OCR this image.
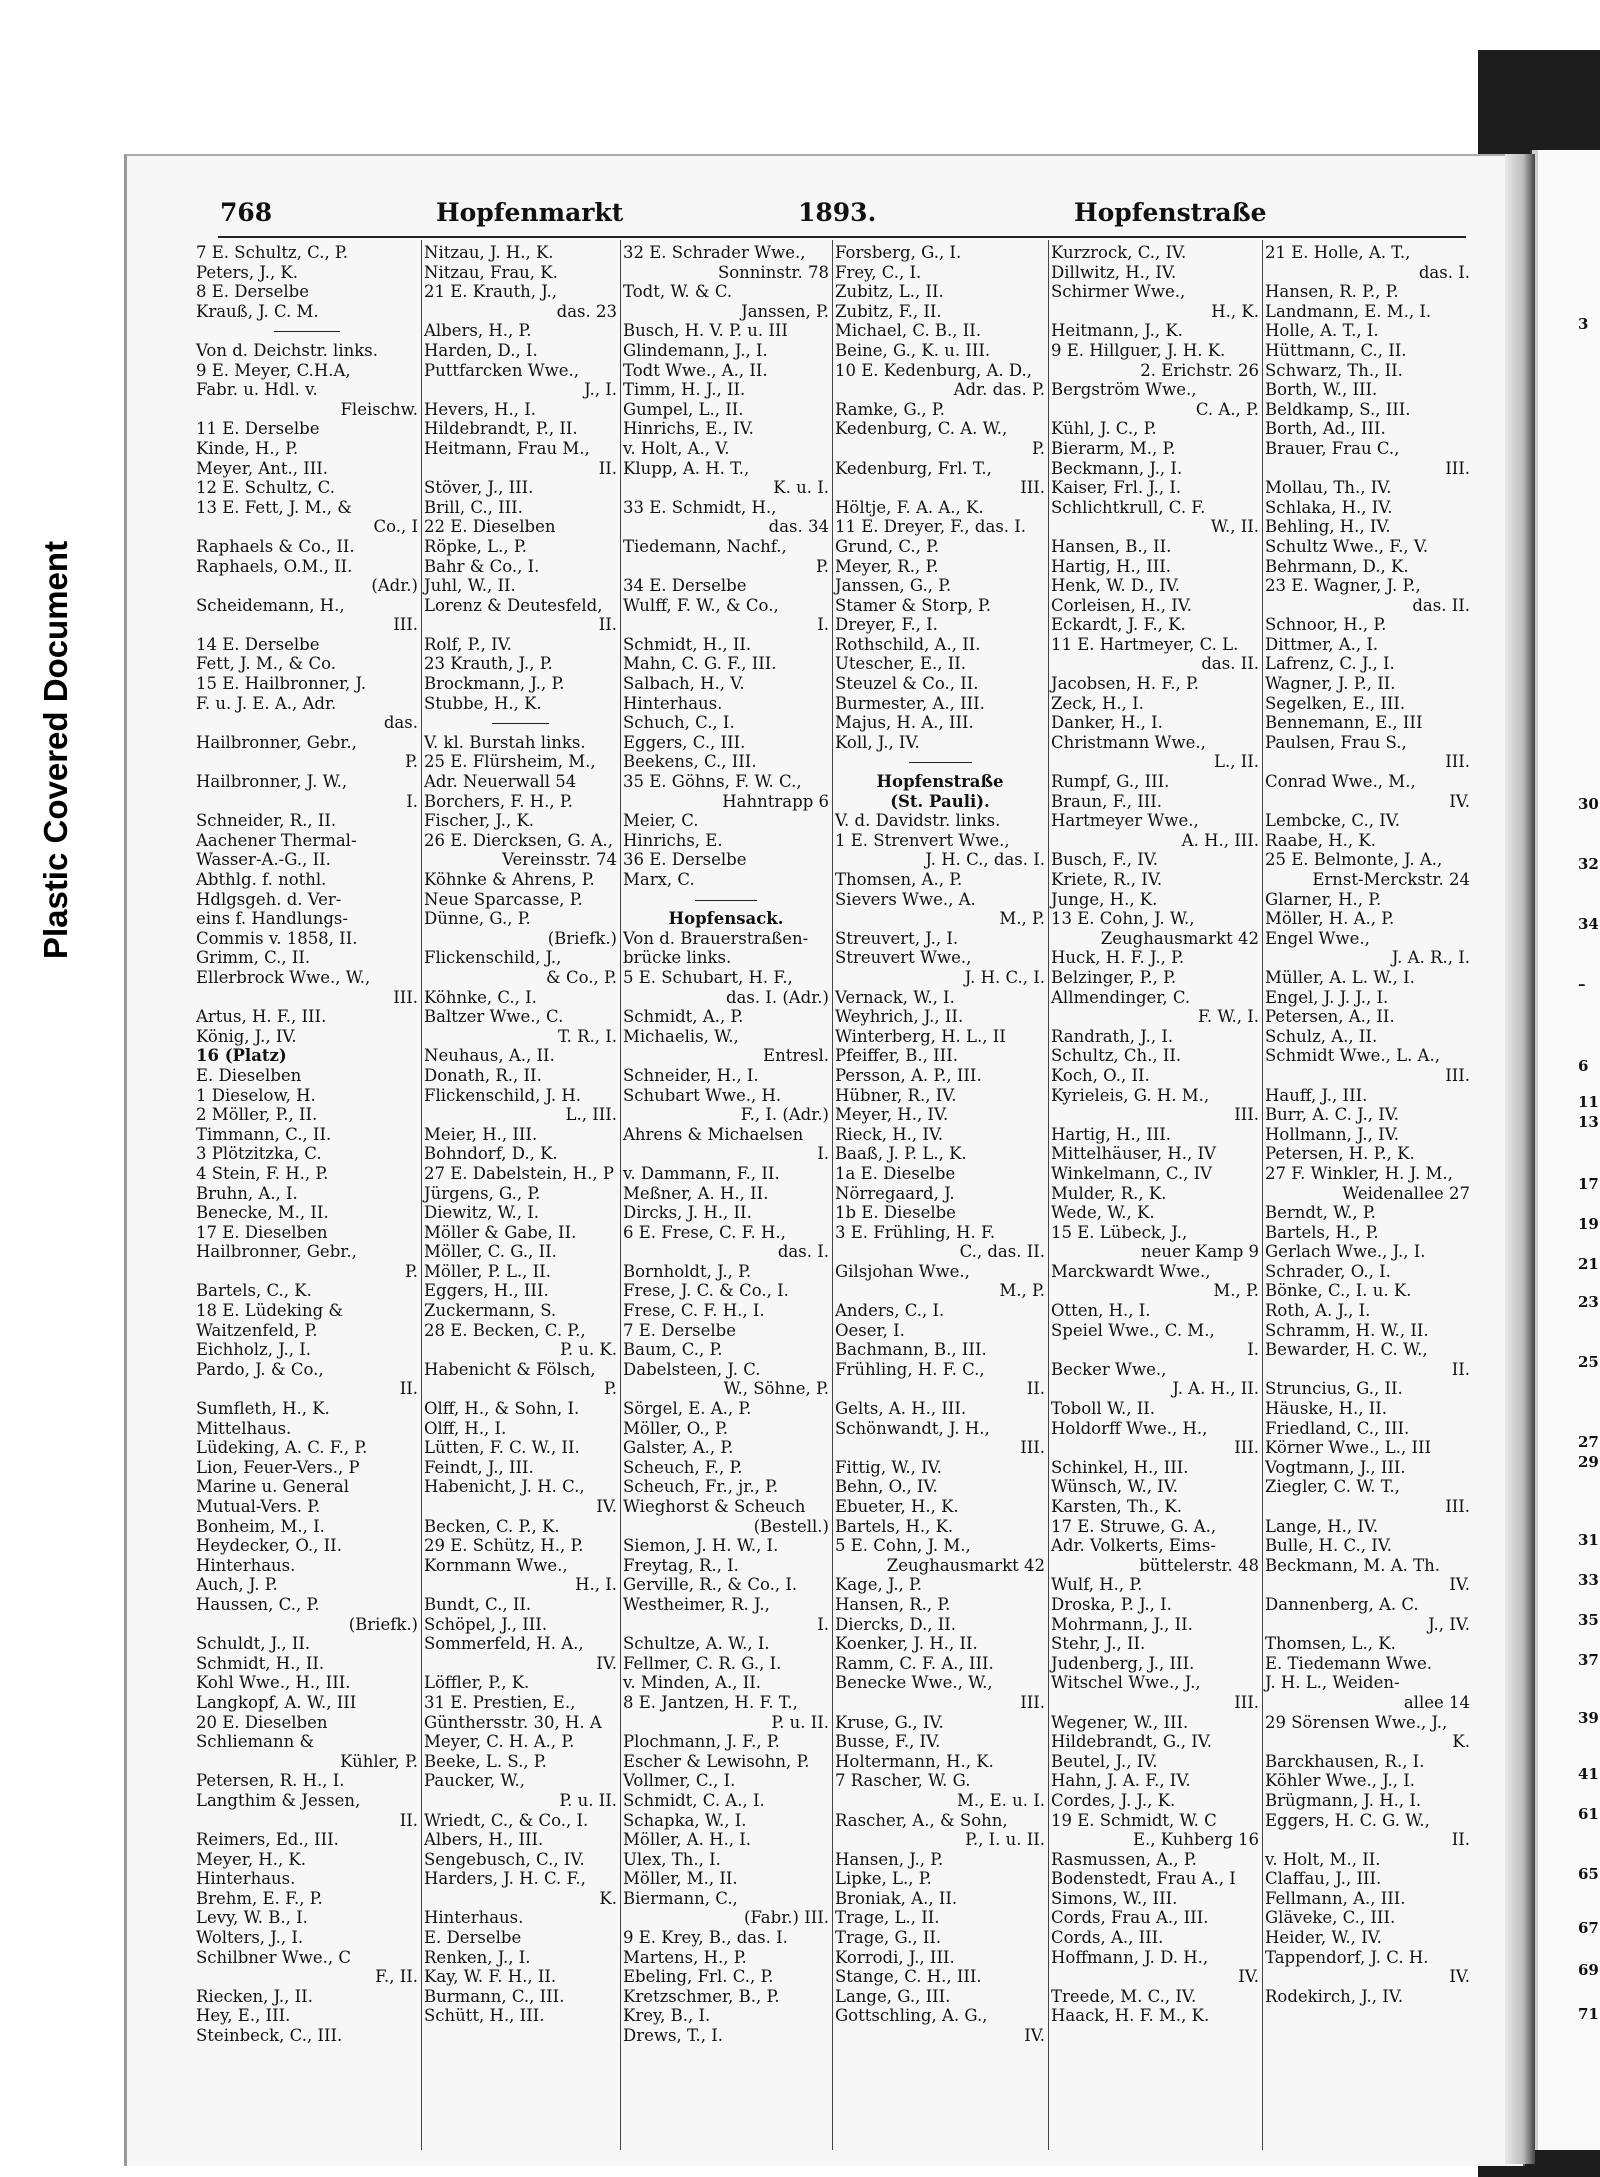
3
30
32
34
–
6
11
13
17
19
21
23
25
27
29
31
33
35
37
39
41
61
65
67
69
71
Plastic Covered Document
768	Hopfenmarkt	1893.	Hopfenstraße
7 E. Schultz, C., P.
Peters, J., K.
8 E. Derselbe
Krauß, J. C. M.
Von d. Deichstr. links.
9 E. Meyer, C.H.A,
Fabr. u. Hdl. v.
Fleischw.
11 E. Derselbe
Kinde, H., P.
Meyer, Ant., III.
12 E. Schultz, C.
13 E. Fett, J. M., &
Co., I
Raphaels & Co., II.
Raphaels, O.M., II.
(Adr.)
Scheidemann, H.,
III.
14 E. Derselbe
Fett, J. M., & Co.
15 E. Hailbronner, J.
F. u. J. E. A., Adr.
das.
Hailbronner, Gebr.,
P.
Hailbronner, J. W.,
I.
Schneider, R., II.
Aachener Thermal-
Wasser-A.-G., II.
Abthlg. f. nothl.
Hdlgsgeh. d. Ver-
eins f. Handlungs-
Commis v. 1858, II.
Grimm, C., II.
Ellerbrock Wwe., W.,
III.
Artus, H. F., III.
König, J., IV.
16 (Platz)
E. Dieselben
1 Dieselow, H.
2 Möller, P., II.
Timmann, C., II.
3 Plötzitzka, C.
4 Stein, F. H., P.
Bruhn, A., I.
Benecke, M., II.
17 E. Dieselben
Hailbronner, Gebr.,
P.
Bartels, C., K.
18 E. Lüdeking &
Waitzenfeld, P.
Eichholz, J., I.
Pardo, J. & Co.,
II.
Sumfleth, H., K.
Mittelhaus.
Lüdeking, A. C. F., P.
Lion, Feuer-Vers., P
Marine u. General
Mutual-Vers. P.
Bonheim, M., I.
Heydecker, O., II.
Hinterhaus.
Auch, J. P.
Haussen, C., P.
(Briefk.)
Schuldt, J., II.
Schmidt, H., II.
Kohl Wwe., H., III.
Langkopf, A. W., III
20 E. Dieselben
Schliemann &
Kühler, P.
Petersen, R. H., I.
Langthim & Jessen,
II.
Reimers, Ed., III.
Meyer, H., K.
Hinterhaus.
Brehm, E. F., P.
Levy, W. B., I.
Wolters, J., I.
Schilbner Wwe., C
F., II.
Riecken, J., II.
Hey, E., III.
Steinbeck, C., III.
Nitzau, J. H., K.
Nitzau, Frau, K.
21 E. Krauth, J.,
das. 23
Albers, H., P.
Harden, D., I.
Puttfarcken Wwe.,
J., I.
Hevers, H., I.
Hildebrandt, P., II.
Heitmann, Frau M.,
II.
Stöver, J., III.
Brill, C., III.
22 E. Dieselben
Röpke, L., P.
Bahr & Co., I.
Juhl, W., II.
Lorenz & Deutesfeld,
II.
Rolf, P., IV.
23 Krauth, J., P.
Brockmann, J., P.
Stubbe, H., K.
V. kl. Burstah links.
25 E. Flürsheim, M.,
Adr. Neuerwall 54
Borchers, F. H., P.
Fischer, J., K.
26 E. Diercksen, G. A.,
Vereinsstr. 74
Köhnke & Ahrens, P.
Neue Sparcasse, P.
Dünne, G., P.
(Briefk.)
Flickenschild, J.,
& Co., P.
Köhnke, C., I.
Baltzer Wwe., C.
T. R., I.
Neuhaus, A., II.
Donath, R., II.
Flickenschild, J. H.
L., III.
Meier, H., III.
Bohndorf, D., K.
27 E. Dabelstein, H., P
Jürgens, G., P.
Diewitz, W., I.
Möller & Gabe, II.
Möller, C. G., II.
Möller, P. L., II.
Eggers, H., III.
Zuckermann, S.
28 E. Becken, C. P.,
P. u. K.
Habenicht & Fölsch,
P.
Olff, H., & Sohn, I.
Olff, H., I.
Lütten, F. C. W., II.
Feindt, J., III.
Habenicht, J. H. C.,
IV.
Becken, C. P., K.
29 E. Schütz, H., P.
Kornmann Wwe.,
H., I.
Bundt, C., II.
Schöpel, J., III.
Sommerfeld, H. A.,
IV.
Löffler, P., K.
31 E. Prestien, E.,
Günthersstr. 30, H. A
Meyer, C. H. A., P.
Beeke, L. S., P.
Paucker, W.,
P. u. II.
Wriedt, C., & Co., I.
Albers, H., III.
Sengebusch, C., IV.
Harders, J. H. C. F.,
K.
Hinterhaus.
E. Derselbe
Renken, J., I.
Kay, W. F. H., II.
Burmann, C., III.
Schütt, H., III.
32 E. Schrader Wwe.,
Sonninstr. 78
Todt, W. & C.
Janssen, P.
Busch, H. V. P. u. III
Glindemann, J., I.
Todt Wwe., A., II.
Timm, H. J., II.
Gumpel, L., II.
Hinrichs, E., IV.
v. Holt, A., V.
Klupp, A. H. T.,
K. u. I.
33 E. Schmidt, H.,
das. 34
Tiedemann, Nachf.,
P.
34 E. Derselbe
Wulff, F. W., & Co.,
I.
Schmidt, H., II.
Mahn, C. G. F., III.
Salbach, H., V.
Hinterhaus.
Schuch, C., I.
Eggers, C., III.
Beekens, C., III.
35 E. Göhns, F. W. C.,
Hahntrapp 6
Meier, C.
Hinrichs, E.
36 E. Derselbe
Marx, C.
Hopfensack.
Von d. Brauerstraßen-
brücke links.
5 E. Schubart, H. F.,
das. I. (Adr.)
Schmidt, A., P.
Michaelis, W.,
Entresl.
Schneider, H., I.
Schubart Wwe., H.
F., I. (Adr.)
Ahrens & Michaelsen
I.
v. Dammann, F., II.
Meßner, A. H., II.
Dircks, J. H., II.
6 E. Frese, C. F. H.,
das. I.
Bornholdt, J., P.
Frese, J. C. & Co., I.
Frese, C. F. H., I.
7 E. Derselbe
Baum, C., P.
Dabelsteen, J. C.
W., Söhne, P.
Sörgel, E. A., P.
Möller, O., P.
Galster, A., P.
Scheuch, F., P.
Scheuch, Fr., jr., P.
Wieghorst & Scheuch
(Bestell.)
Siemon, J. H. W., I.
Freytag, R., I.
Gerville, R., & Co., I.
Westheimer, R. J.,
I.
Schultze, A. W., I.
Fellmer, C. R. G., I.
v. Minden, A., II.
8 E. Jantzen, H. F. T.,
P. u. II.
Plochmann, J. F., P.
Escher & Lewisohn, P.
Vollmer, C., I.
Schmidt, C. A., I.
Schapka, W., I.
Möller, A. H., I.
Ulex, Th., I.
Möller, M., II.
Biermann, C.,
(Fabr.) III.
9 E. Krey, B., das. I.
Martens, H., P.
Ebeling, Frl. C., P.
Kretzschmer, B., P.
Krey, B., I.
Drews, T., I.
Forsberg, G., I.
Frey, C., I.
Zubitz, L., II.
Zubitz, F., II.
Michael, C. B., II.
Beine, G., K. u. III.
10 E. Kedenburg, A. D.,
Adr. das. P.
Ramke, G., P.
Kedenburg, C. A. W.,
P.
Kedenburg, Frl. T.,
III.
Höltje, F. A. A., K.
11 E. Dreyer, F., das. I.
Grund, C., P.
Meyer, R., P.
Janssen, G., P.
Stamer & Storp, P.
Dreyer, F., I.
Rothschild, A., II.
Utescher, E., II.
Steuzel & Co., II.
Burmester, A., III.
Majus, H. A., III.
Koll, J., IV.
Hopfenstraße
(St. Pauli).
V. d. Davidstr. links.
1 E. Strenvert Wwe.,
J. H. C., das. I.
Thomsen, A., P.
Sievers Wwe., A.
M., P.
Streuvert, J., I.
Streuvert Wwe.,
J. H. C., I.
Vernack, W., I.
Weyhrich, J., II.
Winterberg, H. L., II
Pfeiffer, B., III.
Persson, A. P., III.
Hübner, R., IV.
Meyer, H., IV.
Rieck, H., IV.
Baaß, J. P. L., K.
1a E. Dieselbe
Nörregaard, J.
1b E. Dieselbe
3 E. Frühling, H. F.
C., das. II.
Gilsjohan Wwe.,
M., P.
Anders, C., I.
Oeser, I.
Bachmann, B., III.
Frühling, H. F. C.,
II.
Gelts, A. H., III.
Schönwandt, J. H.,
III.
Fittig, W., IV.
Behn, O., IV.
Ebueter, H., K.
Bartels, H., K.
5 E. Cohn, J. M.,
Zeughausmarkt 42
Kage, J., P.
Hansen, R., P.
Diercks, D., II.
Koenker, J. H., II.
Ramm, C. F. A., III.
Benecke Wwe., W.,
III.
Kruse, G., IV.
Busse, F., IV.
Holtermann, H., K.
7 Rascher, W. G.
M., E. u. I.
Rascher, A., & Sohn,
P., I. u. II.
Hansen, J., P.
Lipke, L., P.
Broniak, A., II.
Trage, L., II.
Trage, G., II.
Korrodi, J., III.
Stange, C. H., III.
Lange, G., III.
Gottschling, A. G.,
IV.
Kurzrock, C., IV.
Dillwitz, H., IV.
Schirmer Wwe.,
H., K.
Heitmann, J., K.
9 E. Hillguer, J. H. K.
2. Erichstr. 26
Bergström Wwe.,
C. A., P.
Kühl, J. C., P.
Bierarm, M., P.
Beckmann, J., I.
Kaiser, Frl. J., I.
Schlichtkrull, C. F.
W., II.
Hansen, B., II.
Hartig, H., III.
Henk, W. D., IV.
Corleisen, H., IV.
Eckardt, J. F., K.
11 E. Hartmeyer, C. L.
das. II.
Jacobsen, H. F., P.
Zeck, H., I.
Danker, H., I.
Christmann Wwe.,
L., II.
Rumpf, G., III.
Braun, F., III.
Hartmeyer Wwe.,
A. H., III.
Busch, F., IV.
Kriete, R., IV.
Junge, H., K.
13 E. Cohn, J. W.,
Zeughausmarkt 42
Huck, H. F. J., P.
Belzinger, P., P.
Allmendinger, C.
F. W., I.
Randrath, J., I.
Schultz, Ch., II.
Koch, O., II.
Kyrieleis, G. H. M.,
III.
Hartig, H., III.
Mittelhäuser, H., IV
Winkelmann, C., IV
Mulder, R., K.
Wede, W., K.
15 E. Lübeck, J.,
neuer Kamp 9
Marckwardt Wwe.,
M., P.
Otten, H., I.
Speiel Wwe., C. M.,
I.
Becker Wwe.,
J. A. H., II.
Toboll W., II.
Holdorff Wwe., H.,
III.
Schinkel, H., III.
Wünsch, W., IV.
Karsten, Th., K.
17 E. Struwe, G. A.,
Adr. Volkerts, Eims-
büttelerstr. 48
Wulf, H., P.
Droska, P. J., I.
Mohrmann, J., II.
Stehr, J., II.
Judenberg, J., III.
Witschel Wwe., J.,
III.
Wegener, W., III.
Hildebrandt, G., IV.
Beutel, J., IV.
Hahn, J. A. F., IV.
Cordes, J. J., K.
19 E. Schmidt, W. C
E., Kuhberg 16
Rasmussen, A., P.
Bodenstedt, Frau A., I
Simons, W., III.
Cords, Frau A., III.
Cords, A., III.
Hoffmann, J. D. H.,
IV.
Treede, M. C., IV.
Haack, H. F. M., K.
21 E. Holle, A. T.,
das. I.
Hansen, R. P., P.
Landmann, E. M., I.
Holle, A. T., I.
Hüttmann, C., II.
Schwarz, Th., II.
Borth, W., III.
Beldkamp, S., III.
Borth, Ad., III.
Brauer, Frau C.,
III.
Mollau, Th., IV.
Schlaka, H., IV.
Behling, H., IV.
Schultz Wwe., F., V.
Behrmann, D., K.
23 E. Wagner, J. P.,
das. II.
Schnoor, H., P.
Dittmer, A., I.
Lafrenz, C. J., I.
Wagner, J. P., II.
Segelken, E., III.
Bennemann, E., III
Paulsen, Frau S.,
III.
Conrad Wwe., M.,
IV.
Lembcke, C., IV.
Raabe, H., K.
25 E. Belmonte, J. A.,
Ernst-Merckstr. 24
Glarner, H., P.
Möller, H. A., P.
Engel Wwe.,
J. A. R., I.
Müller, A. L. W., I.
Engel, J. J. J., I.
Petersen, A., II.
Schulz, A., II.
Schmidt Wwe., L. A.,
III.
Hauff, J., III.
Burr, A. C. J., IV.
Hollmann, J., IV.
Petersen, H. P., K.
27 F. Winkler, H. J. M.,
Weidenallee 27
Berndt, W., P.
Bartels, H., P.
Gerlach Wwe., J., I.
Schrader, O., I.
Bönke, C., I. u. K.
Roth, A. J., I.
Schramm, H. W., II.
Bewarder, H. C. W.,
II.
Struncius, G., II.
Häuske, H., II.
Friedland, C., III.
Körner Wwe., L., III
Vogtmann, J., III.
Ziegler, C. W. T.,
III.
Lange, H., IV.
Bulle, H. C., IV.
Beckmann, M. A. Th.
IV.
Dannenberg, A. C.
J., IV.
Thomsen, L., K.
E. Tiedemann Wwe.
J. H. L., Weiden-
allee 14
29 Sörensen Wwe., J.,
K.
Barckhausen, R., I.
Köhler Wwe., J., I.
Brügmann, J. H., I.
Eggers, H. C. G. W.,
II.
v. Holt, M., II.
Claffau, J., III.
Fellmann, A., III.
Gläveke, C., III.
Heider, W., IV.
Tappendorf, J. C. H.
IV.
Rodekirch, J., IV.
